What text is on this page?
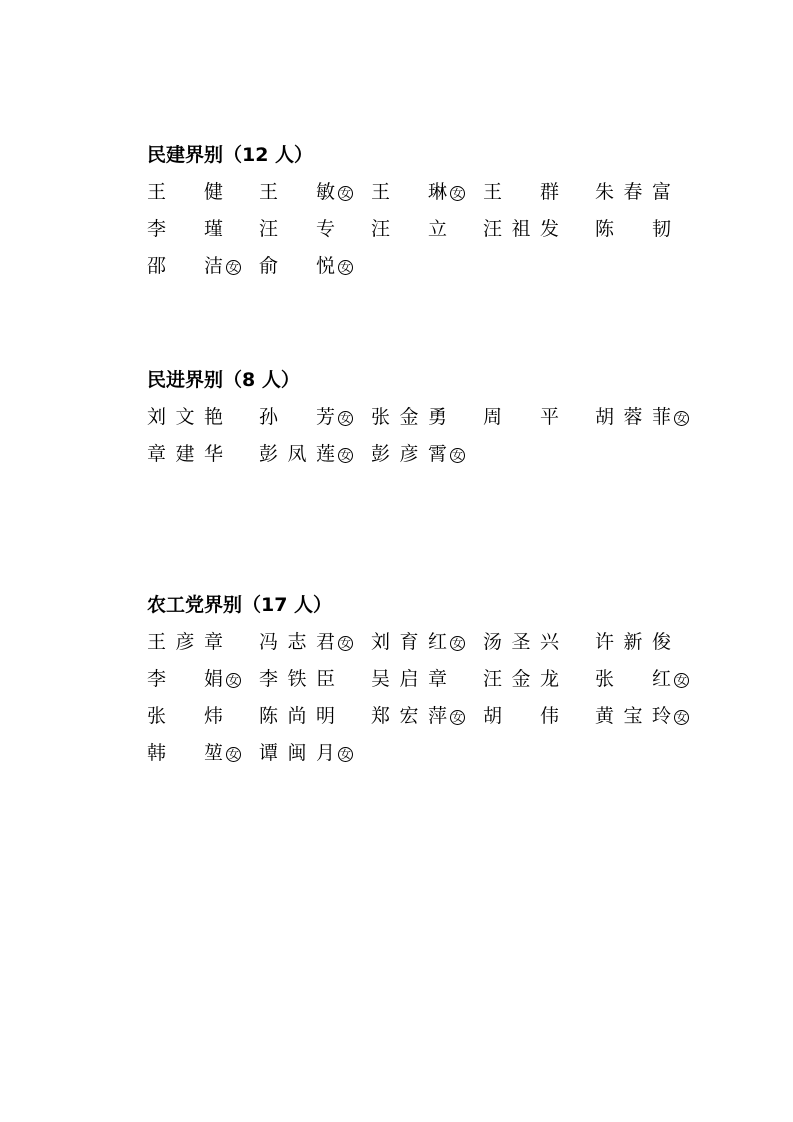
民建界别（12 人）
王健 王敏 女 王琳 女 王群 朱春富
李瑾 汪专 汪立 汪祖发 陈韧
邵洁 女 俞悦 女
民进界别（8 人）
刘文艳 孙芳 女 张金勇 周平 胡蓉菲 女
章建华 彭凤莲 女 彭彦霄 女
农工党界别（17 人）
王彦章 冯志君 女 刘育红 女 汤圣兴 许新俊
李娟 女 李铁臣 吴启章 汪金龙 张红 女
张炜 陈尚明 郑宏萍 女 胡伟 黄宝玲 女
韩堃 女 谭闽月 女
